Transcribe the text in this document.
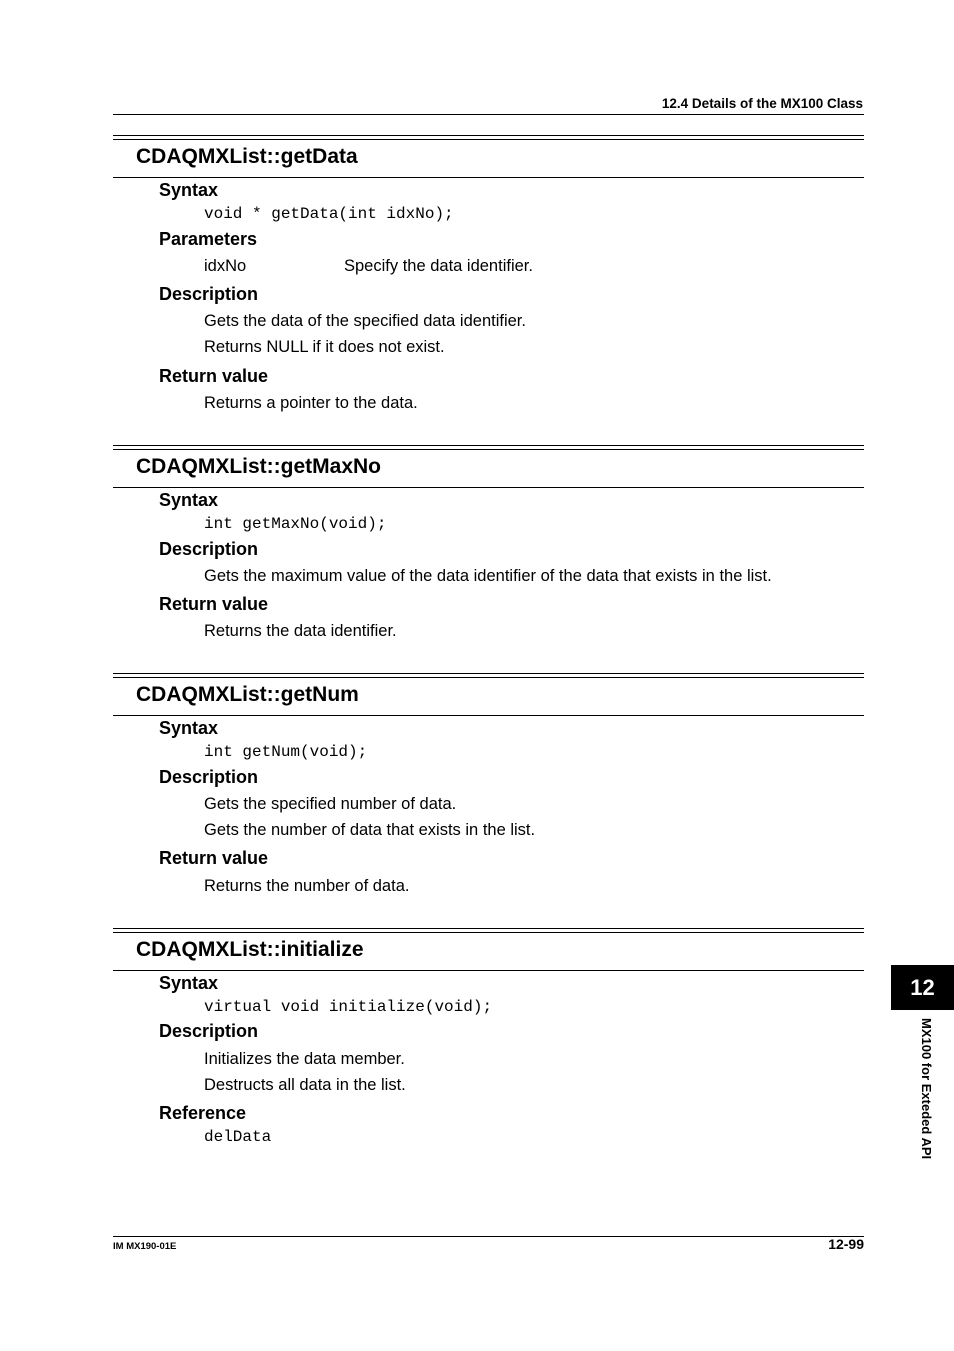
12.4 Details of the MX100 Class
CDAQMXList::getData
Syntax
void * getData(int idxNo);
Parameters
idxNo	Specify the data identifier.
Description
Gets the data of the specified data identifier.
Returns NULL if it does not exist.
Return value
Returns a pointer to the data.
CDAQMXList::getMaxNo
Syntax
int getMaxNo(void);
Description
Gets the maximum value of the data identifier of the data that exists in the list.
Return value
Returns the data identifier.
CDAQMXList::getNum
Syntax
int getNum(void);
Description
Gets the specified number of data.
Gets the number of data that exists in the list.
Return value
Returns the number of data.
CDAQMXList::initialize
Syntax
virtual void initialize(void);
Description
Initializes the data member.
Destructs all data in the list.
Reference
delData
12
MX100 for Exteded API
IM MX190-01E	12-99
